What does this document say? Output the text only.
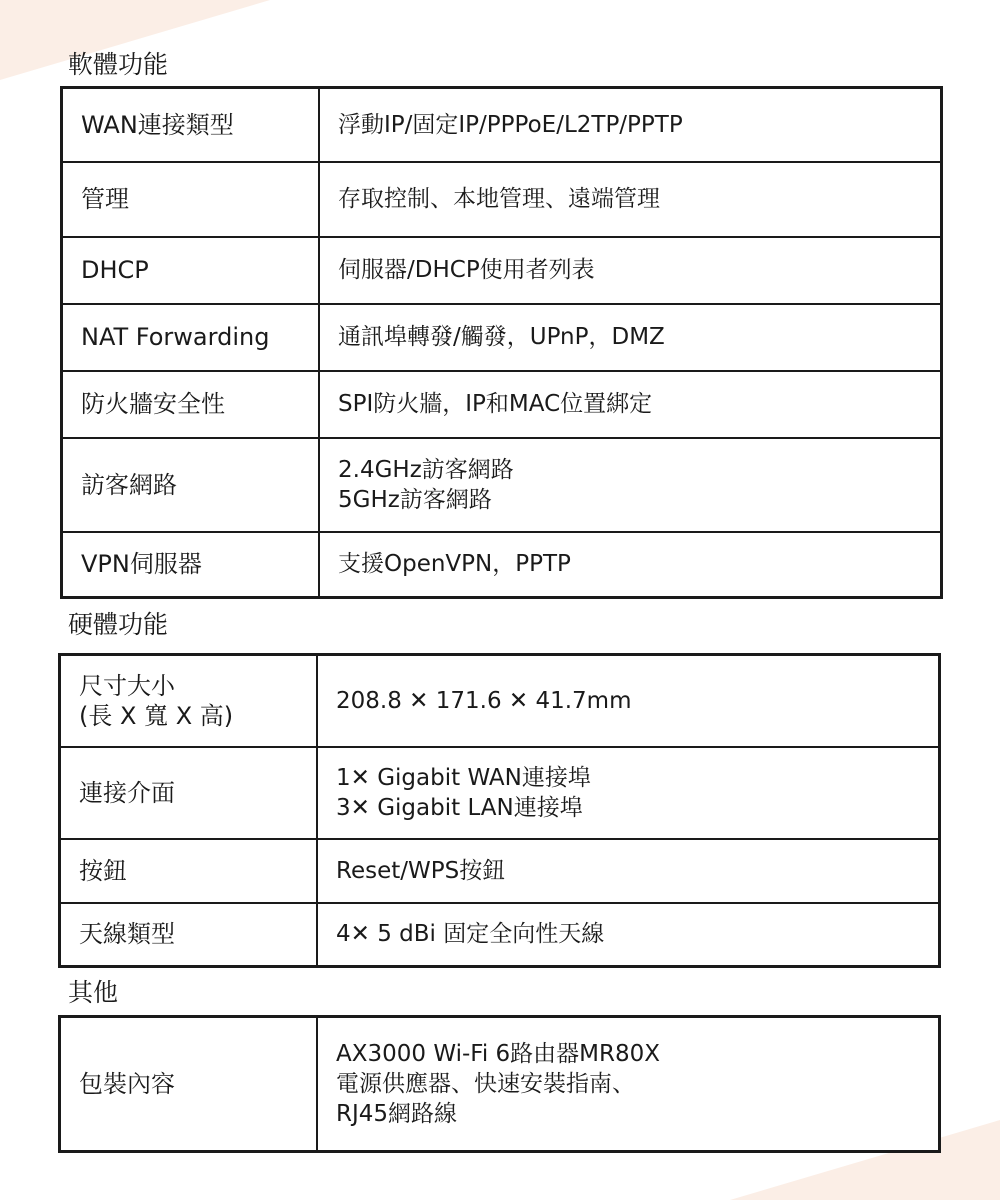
軟體功能
WAN連接類型	浮動IP/固定IP/PPPoE/L2TP/PPTP
管理	存取控制、本地管理、遠端管理
DHCP	伺服器/DHCP使用者列表
NAT Forwarding	通訊埠轉發/觸發，UPnP，DMZ
防火牆安全性	SPI防火牆，IP和MAC位置綁定
訪客網路	2.4GHz訪客網路
5GHz訪客網路
VPN伺服器	支援OpenVPN，PPTP
硬體功能
尺寸大小
(長 X 寬 X 高)	208.8 ✕ 171.6 ✕ 41.7mm
連接介面	1✕ Gigabit WAN連接埠
3✕ Gigabit LAN連接埠
按鈕	Reset/WPS按鈕
天線類型	4✕ 5 dBi 固定全向性天線
其他
包裝內容	AX3000 Wi-Fi 6路由器MR80X
電源供應器、快速安裝指南、
RJ45網路線
